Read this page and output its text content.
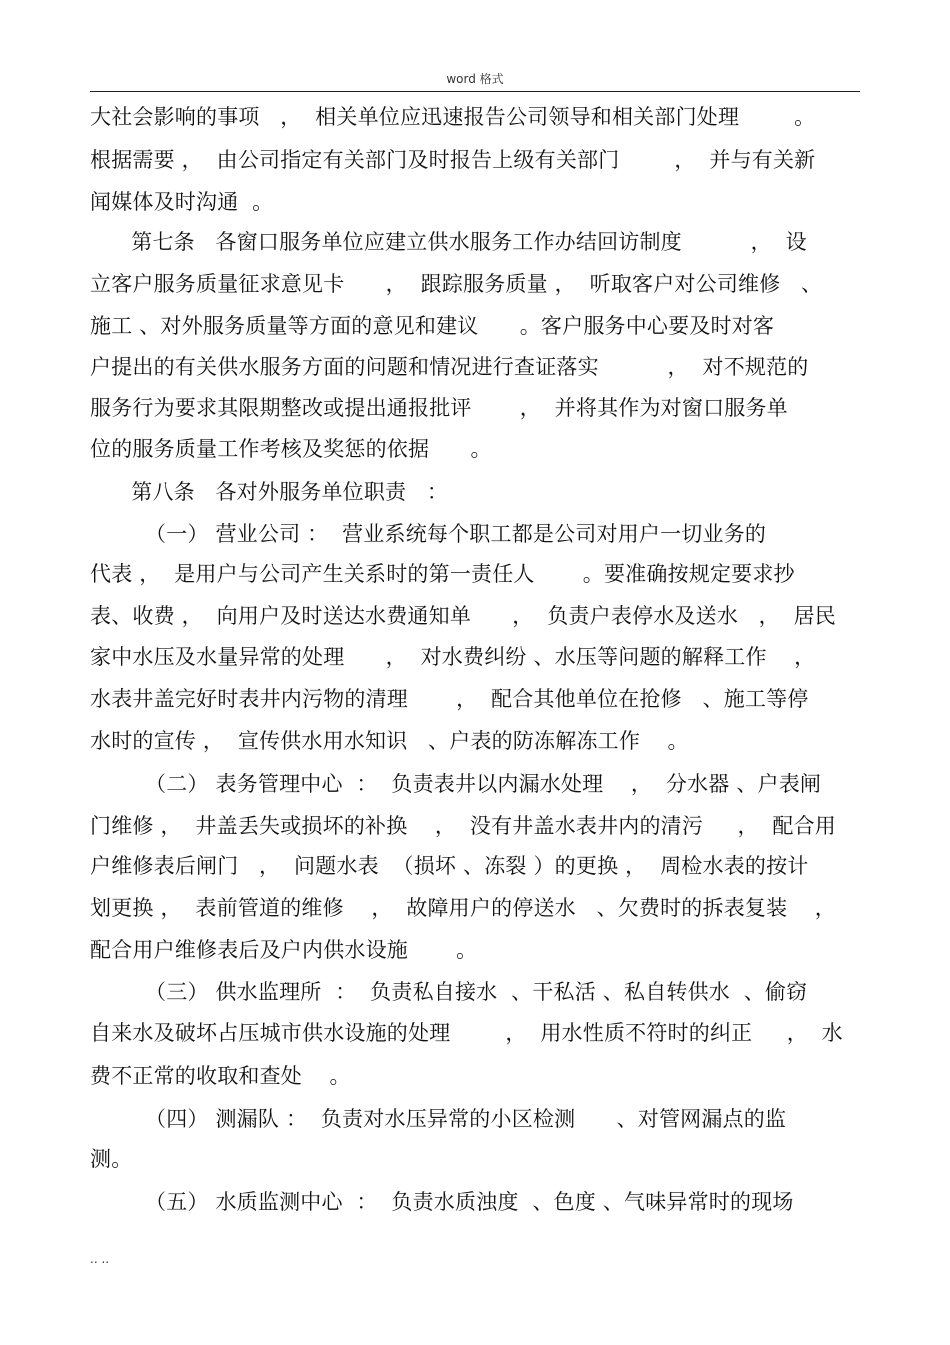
word 格式
大社会影响的事项   ，  相关单位应迅速报告公司领导和相关部门处理        。
根据需要 ，  由公司指定有关部门及时报告上级有关部门        ，  并与有关新
闻媒体及时沟通  。
第七条   各窗口服务单位应建立供水服务工作办结回访制度          ，  设
立客户服务质量征求意见卡      ，  跟踪服务质量 ，  听取客户对公司维修   、
施工 、对外服务质量等方面的意见和建议      。客户服务中心要及时对客
户提出的有关供水服务方面的问题和情况进行查证落实          ，  对不规范的
服务行为要求其限期整改或提出通报批评       ，  并将其作为对窗口服务单
位的服务质量工作考核及奖惩的依据      。
第八条   各对外服务单位职责   ：
（一） 营业公司 ：  营业系统每个职工都是公司对用户一切业务的
代表 ，  是用户与公司产生关系时的第一责任人       。要准确按规定要求抄
表、收费 ，  向用户及时送达水费通知单      ，  负责户表停水及送水   ，  居民
家中水压及水量异常的处理      ，  对水费纠纷 、水压等问题的解释工作    ，
水表井盖完好时表井内污物的清理       ，  配合其他单位在抢修   、施工等停
水时的宣传 ，  宣传供水用水知识   、户表的防冻解冻工作    。
（二） 表务管理中心  ：  负责表井以内漏水处理    ，  分水器 、户表闸
门维修 ，  井盖丢失或损坏的补换    ，  没有井盖水表井内的清污     ，  配合用
户维修表后闸门   ，  问题水表  （损坏 、冻裂 ）的更换 ，  周检水表的按计
划更换 ，  表前管道的维修    ，  故障用户的停送水   、欠费时的拆表复装    ，
配合用户维修表后及户内供水设施       。
（三） 供水监理所  ：  负责私自接水  、干私活 、私自转供水  、偷窃
自来水及破坏占压城市供水设施的处理        ，  用水性质不符时的纠正     ，  水
费不正常的收取和查处    。
（四） 测漏队 ：  负责对水压异常的小区检测      、对管网漏点的监
测。
（五） 水质监测中心  ：  负责水质浊度  、色度 、气味异常时的现场
.. ..
